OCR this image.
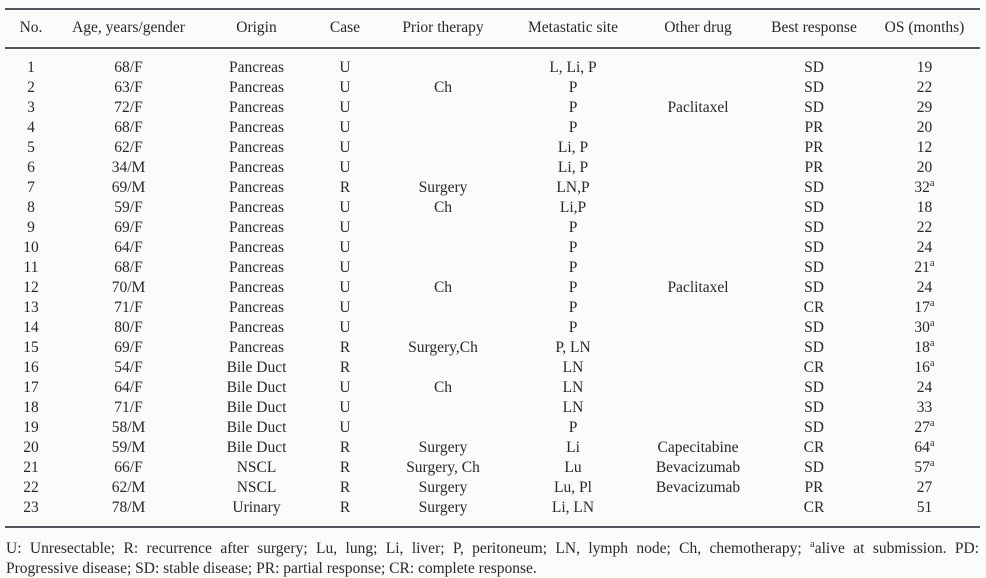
No.	Age, years/gender	Origin	Case	Prior therapy	Metastatic site	Other drug	Best response	OS (months)
1	68/F	Pancreas	U		L, Li, P		SD	19
2	63/F	Pancreas	U	Ch	P		SD	22
3	72/F	Pancreas	U		P	Paclitaxel	SD	29
4	68/F	Pancreas	U		P		PR	20
5	62/F	Pancreas	U		Li, P		PR	12
6	34/M	Pancreas	U		Li, P		PR	20
7	69/M	Pancreas	R	Surgery	LN,P		SD	32$^a$
8	59/F	Pancreas	U	Ch	Li,P		SD	18
9	69/F	Pancreas	U		P		SD	22
10	64/F	Pancreas	U		P		SD	24
11	68/F	Pancreas	U		P		SD	21$^a$
12	70/M	Pancreas	U	Ch	P	Paclitaxel	SD	24
13	71/F	Pancreas	U		P		CR	17$^a$
14	80/F	Pancreas	U		P		SD	30$^a$
15	69/F	Pancreas	R	Surgery,Ch	P, LN		SD	18$^a$
16	54/F	Bile Duct	R		LN		CR	16$^a$
17	64/F	Bile Duct	U	Ch	LN		SD	24
18	71/F	Bile Duct	U		LN		SD	33
19	58/M	Bile Duct	U		P		SD	27$^a$
20	59/M	Bile Duct	R	Surgery	Li	Capecitabine	CR	64$^a$
21	66/F	NSCL	R	Surgery, Ch	Lu	Bevacizumab	SD	57$^a$
22	62/M	NSCL	R	Surgery	Lu, Pl	Bevacizumab	PR	27
23	78/M	Urinary	R	Surgery	Li, LN		CR	51
U: Unresectable; R: recurrence after surgery; Lu, lung; Li, liver; P, peritoneum; LN, lymph node; Ch, chemotherapy; $^a$alive at submission. PD:
Progressive disease; SD: stable disease; PR: partial response; CR: complete response.
